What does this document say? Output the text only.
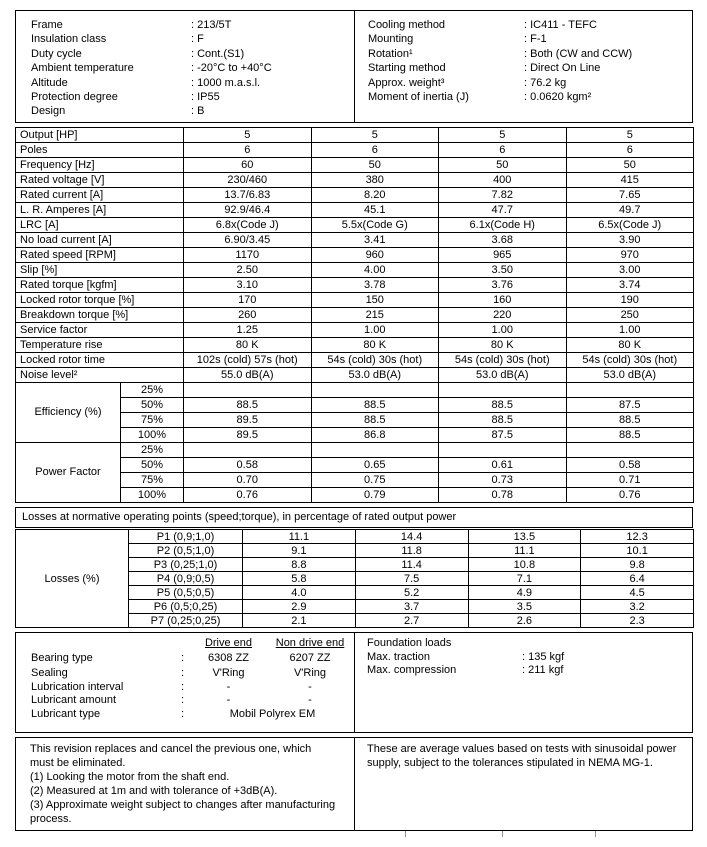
Frame	: 213/5T
Insulation class	: F
Duty cycle	: Cont.(S1)
Ambient temperature	: -20°C to +40°C
Altitude	: 1000 m.a.s.l.
Protection degree	: IP55
Design	: B
Cooling method	: IC411 - TEFC
Mounting	: F-1
Rotation¹	: Both (CW and CCW)
Starting method	: Direct On Line
Approx. weight³	: 76.2 kg
Moment of inertia (J)	: 0.0620 kgm²
Output [HP]	5	5	5	5
Poles	6	6	6	6
Frequency [Hz]	60	50	50	50
Rated voltage [V]	230/460	380	400	415
Rated current [A]	13.7/6.83	8.20	7.82	7.65
L. R. Amperes [A]	92.9/46.4	45.1	47.7	49.7
LRC [A]	6.8x(Code J)	5.5x(Code G)	6.1x(Code H)	6.5x(Code J)
No load current [A]	6.90/3.45	3.41	3.68	3.90
Rated speed [RPM]	1170	960	965	970
Slip [%]	2.50	4.00	3.50	3.00
Rated torque [kgfm]	3.10	3.78	3.76	3.74
Locked rotor torque [%]	170	150	160	190
Breakdown torque [%]	260	215	220	250
Service factor	1.25	1.00	1.00	1.00
Temperature rise	80 K	80 K	80 K	80 K
Locked rotor time	102s (cold) 57s (hot)	54s (cold) 30s (hot)	54s (cold) 30s (hot)	54s (cold) 30s (hot)
Noise level²	55.0 dB(A)	53.0 dB(A)	53.0 dB(A)	53.0 dB(A)
Efficiency (%)	25%				
	50%	88.5	88.5	88.5	87.5
	75%	89.5	88.5	88.5	88.5
	100%	89.5	86.8	87.5	88.5
Power Factor	25%				
	50%	0.58	0.65	0.61	0.58
	75%	0.70	0.75	0.73	0.71
	100%	0.76	0.79	0.78	0.76
Losses at normative operating points (speed;torque), in percentage of rated output power
Losses (%)	P1 (0,9;1,0)	11.1	14.4	13.5	12.3
	P2 (0,5;1,0)	9.1	11.8	11.1	10.1
	P3 (0,25;1,0)	8.8	11.4	10.8	9.8
	P4 (0,9;0,5)	5.8	7.5	7.1	6.4
	P5 (0,5;0,5)	4.0	5.2	4.9	4.5
	P6 (0,5;0,25)	2.9	3.7	3.5	3.2
	P7 (0,25;0,25)	2.1	2.7	2.6	2.3
Drive end	Non drive end
Bearing type	:	6308 ZZ	6207 ZZ
Sealing	:	V'Ring	V'Ring
Lubrication interval	:	-	-
Lubricant amount	:	-	-
Lubricant type	:	Mobil Polyrex EM
Foundation loads
Max. traction	: 135 kgf
Max. compression	: 211 kgf
This revision replaces and cancel the previous one, which must be eliminated.
(1) Looking the motor from the shaft end.
(2) Measured at 1m and with tolerance of +3dB(A).
(3) Approximate weight subject to changes after manufacturing process.
These are average values based on tests with sinusoidal power supply, subject to the tolerances stipulated in NEMA MG-1.
